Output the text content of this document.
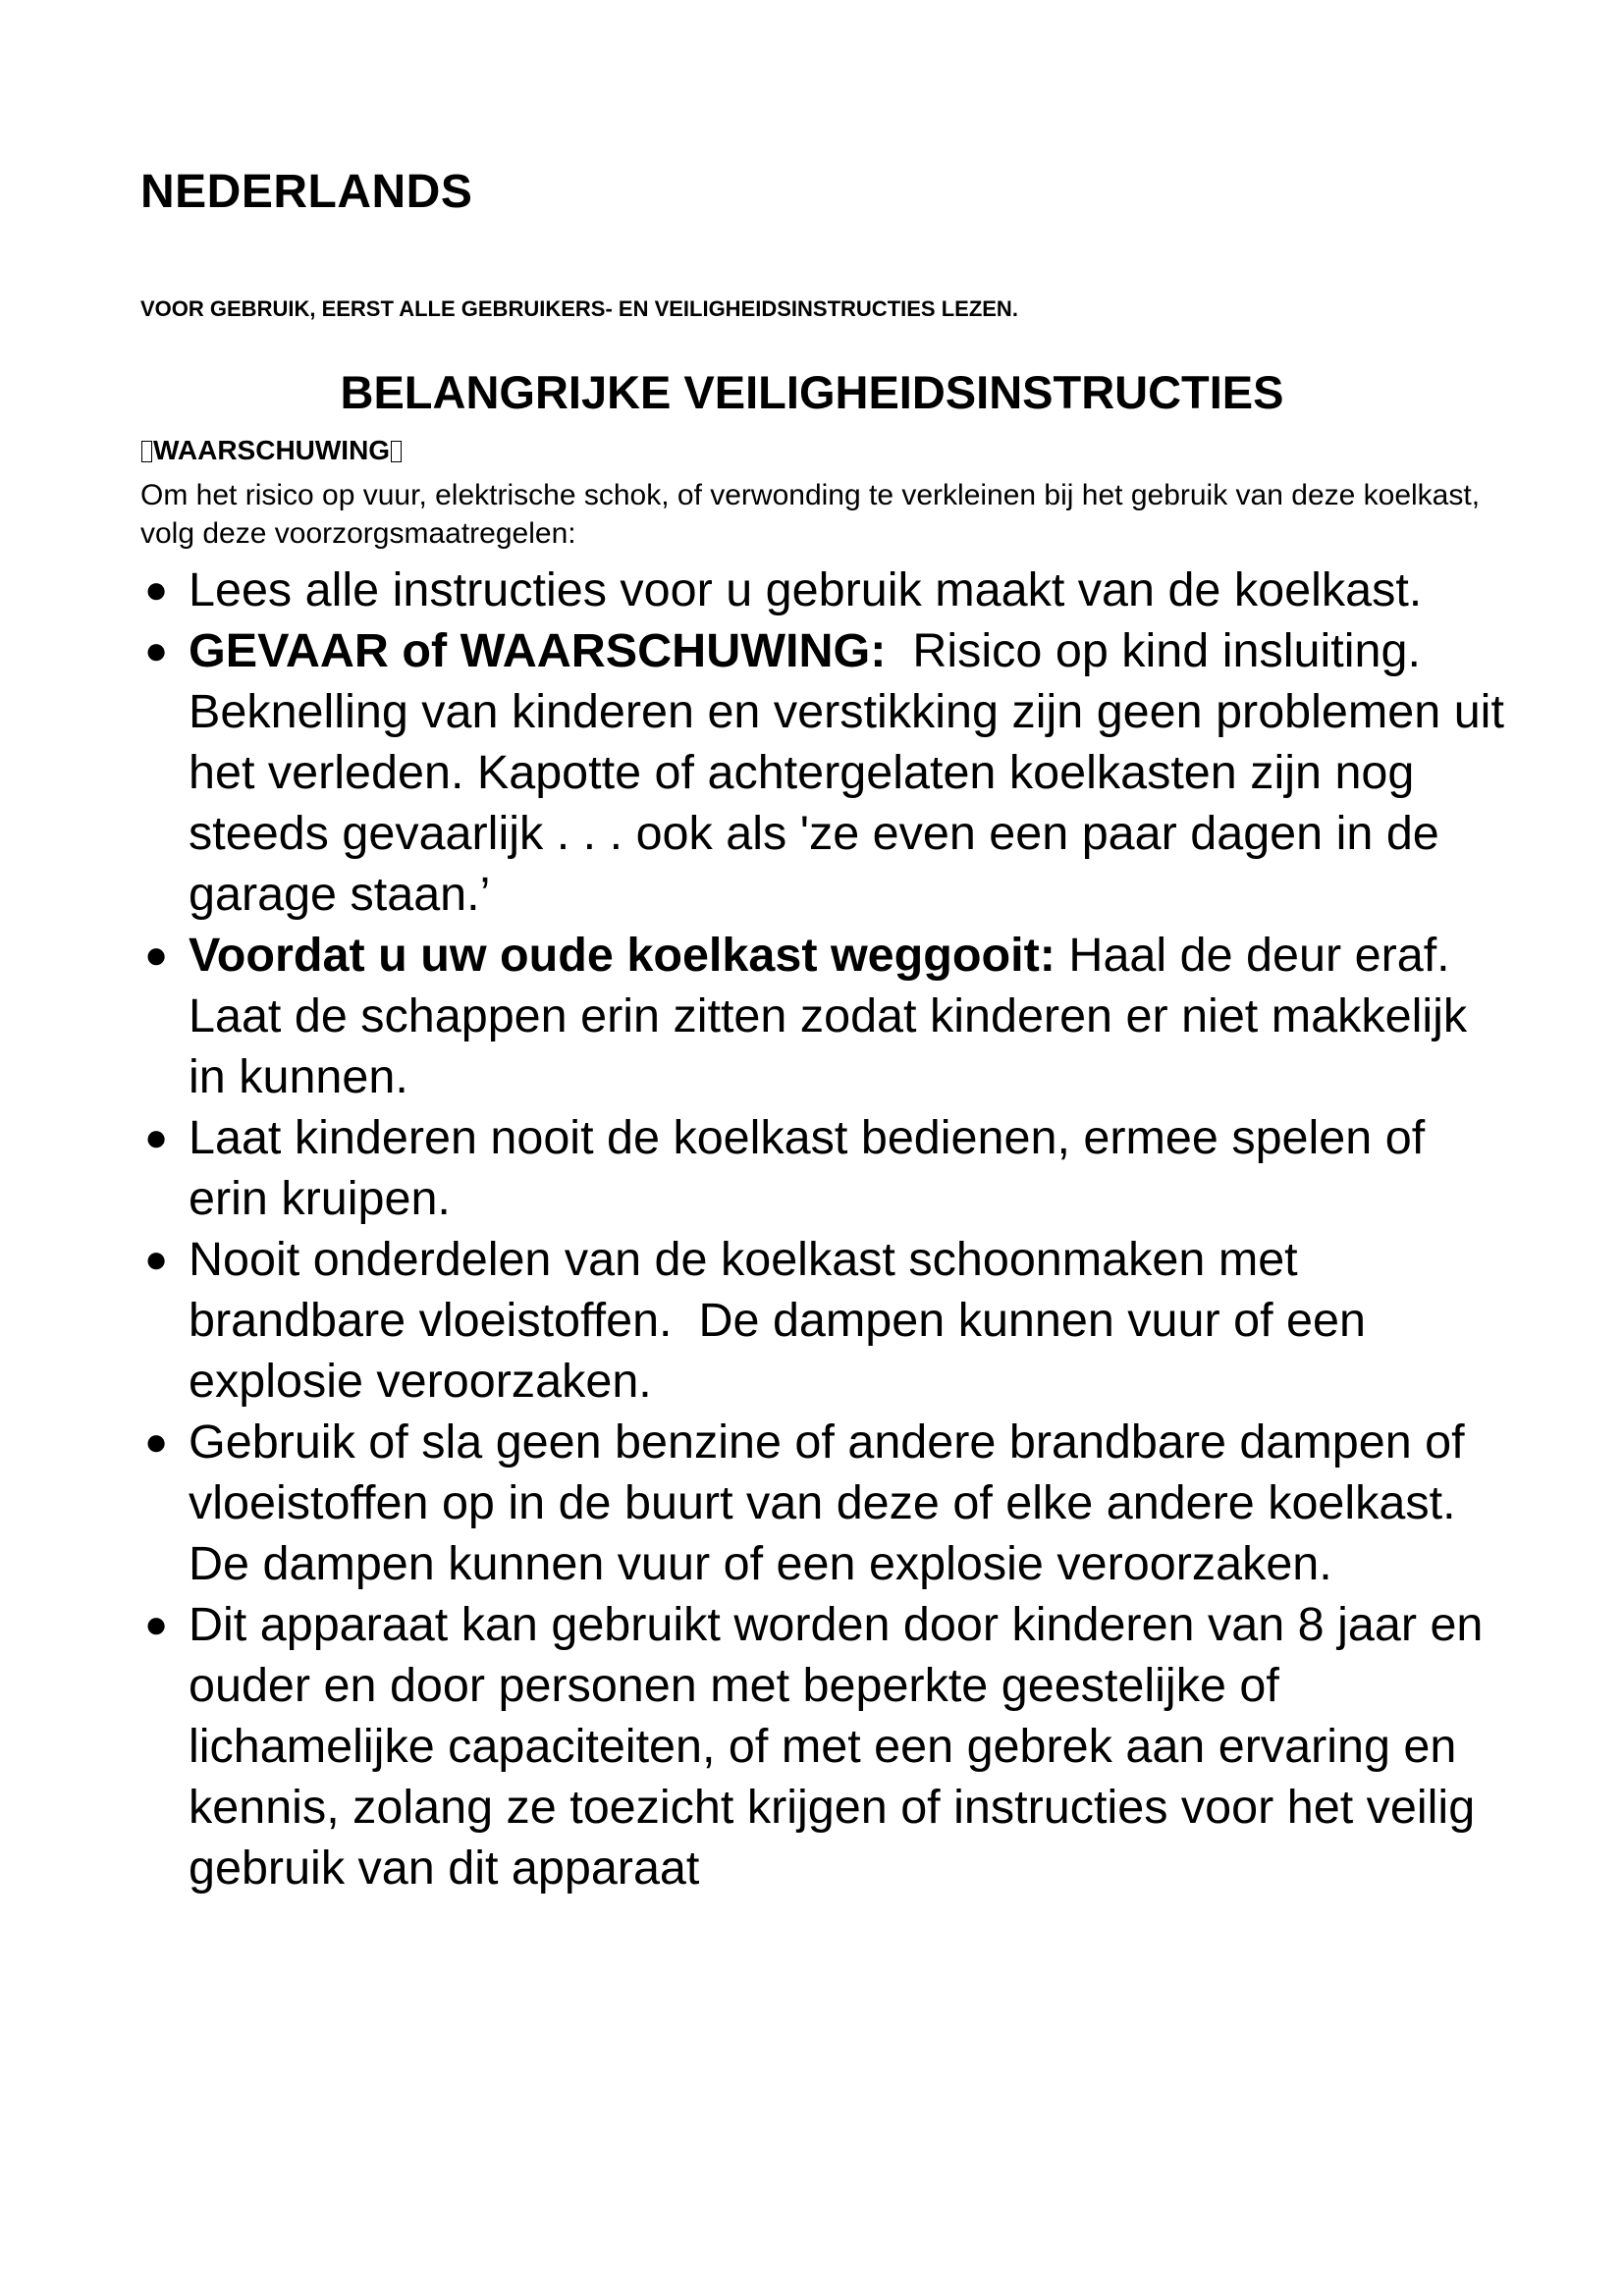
NEDERLANDS

VOOR GEBRUIK, EERST ALLE GEBRUIKERS- EN VEILIGHEIDSINSTRUCTIES LEZEN.

BELANGRIJKE VEILIGHEIDSINSTRUCTIES

WAARSCHUWING

Om het risico op vuur, elektrische schok, of verwonding te verkleinen bij het gebruik van deze koelkast, volg deze voorzorgsmaatregelen:

● Lees alle instructies voor u gebruik maakt van de koelkast.

● GEVAAR of WAARSCHUWING:  Risico op kind insluiting.

Beknelling van kinderen en verstikking zijn geen problemen uit het verleden. Kapotte of achtergelaten koelkasten zijn nog steeds gevaarlijk . . . ook als 'ze even een paar dagen in de garage staan.’

● Voordat u uw oude koelkast weggooit: Haal de deur eraf.  Laat de schappen erin zitten zodat kinderen er niet makkelijk in kunnen.

● Laat kinderen nooit de koelkast bedienen, ermee spelen of erin kruipen.

● Nooit onderdelen van de koelkast schoonmaken met brandbare vloeistoffen.  De dampen kunnen vuur of een explosie veroorzaken.

● Gebruik of sla geen benzine of andere brandbare dampen of vloeistoffen op in de buurt van deze of elke andere koelkast.  De dampen kunnen vuur of een explosie veroorzaken.

● Dit apparaat kan gebruikt worden door kinderen van 8 jaar en ouder en door personen met beperkte geestelijke of lichamelijke capaciteiten, of met een gebrek aan ervaring en kennis, zolang ze toezicht krijgen of instructies voor het veilig gebruik van dit apparaat
